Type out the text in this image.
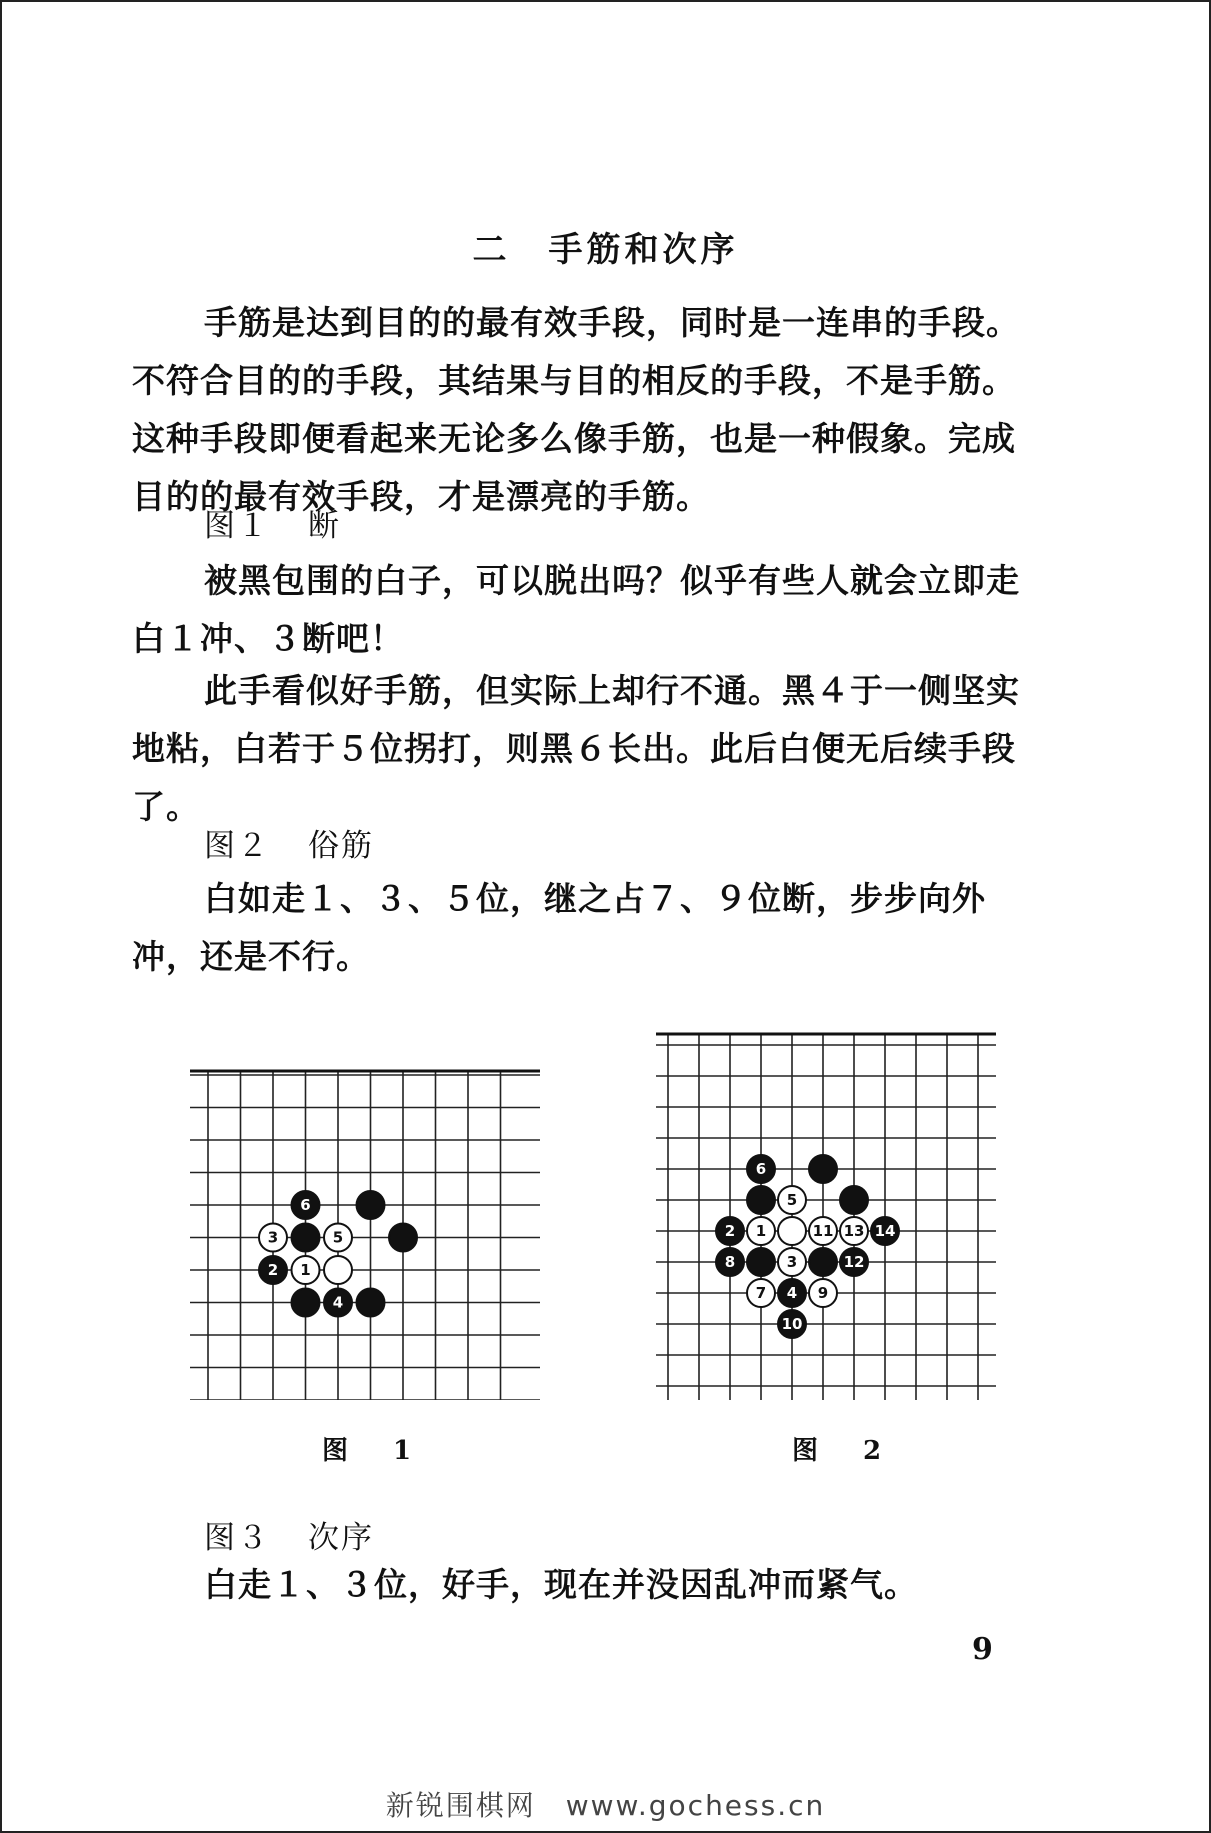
二　手筋和次序
手筋是达到目的的最有效手段，同时是一连串的手段。不符合目的的手段，其结果与目的相反的手段，不是手筋。这种手段即便看起来无论多么像手筋，也是一种假象。完成目的的最有效手段，才是漂亮的手筋。
图１ 断
被黑包围的白子，可以脱出吗？似乎有些人就会立即走白１冲、３断吧！
此手看似好手筋，但实际上却行不通。黑４于一侧坚实地粘，白若于５位拐打，则黑６长出。此后白便无后续手段了。
图２ 俗筋
白如走１、３、５位，继之占７、９位断，步步向外冲，还是不行。
6
3	5
2 1
4
图 1
6
5
2 1	11 13 14
8	3	12
7 4 9
10
图 2
图３ 次序
白走１、３位，好手，现在并没因乱冲而紧气。
9
新锐围棋网　www.gochess.cn
